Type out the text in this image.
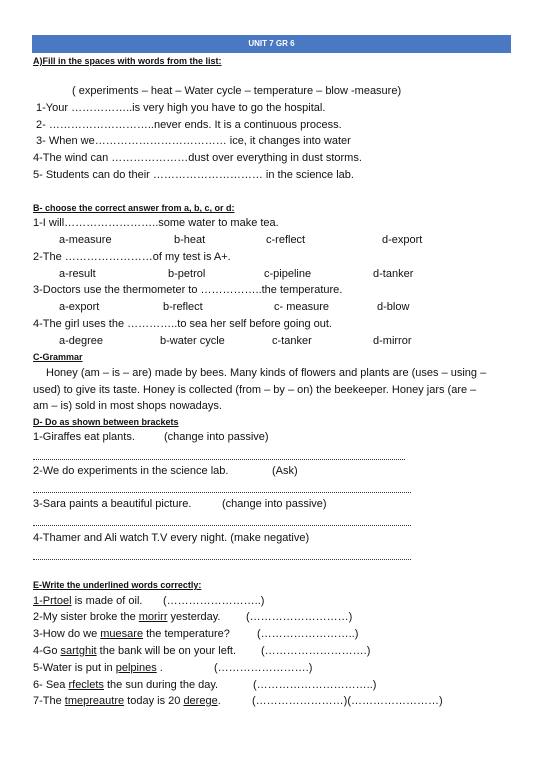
UNIT 7 GR 6
A)Fill in the spaces with words from the list:
( experiments – heat – Water cycle – temperature – blow -measure)
1-Your ……………..is very high you have to go the hospital.
2- ………………………..never ends. It is a continuous process.
3- When we……………………………… ice, it changes into water
4-The wind can …………………dust over everything in dust storms.
5- Students can do their ………………………… in the science lab.
B- choose the correct answer from a, b, c, or d:
1-I will……………………..some water to make tea.
a-measure	b-heat	c-reflect	d-export
2-The ……………………of my test is A+.
a-result	b-petrol	c-pipeline	d-tanker
3-Doctors use the thermometer to ……………..the temperature.
a-export	b-reflect	c- measure	d-blow
4-The girl uses the …………..to sea her self before going out.
a-degree	b-water cycle	c-tanker	d-mirror
C-Grammar
Honey (am – is – are) made by bees. Many kinds of flowers and plants are (uses – using –
used) to give its taste. Honey is collected (from – by – on) the beekeeper. Honey jars (are –
am – is) sold in most shops nowadays.
D- Do as shown between brackets
1-Giraffes eat plants.	(change into passive)
2-We do experiments in the science lab.	(Ask)
3-Sara paints a beautiful picture.	(change into passive)
4-Thamer and Ali watch T.V every night. (make negative)
E-Write the underlined words correctly:
1-Prtoel is made of oil. (……………………..)
2-My sister broke the morirr yesterday. (………………………)
3-How do we muesare the temperature? (……………………..)
4-Go sartghit the bank will be on your left. (……………………….)
5-Water is put in pelpines .	(…………………….)
6- Sea rfeclets the sun during the day.	(…………………………..)
7-The tmepreautre today is 20 derege.	(……………………)(……………………)
